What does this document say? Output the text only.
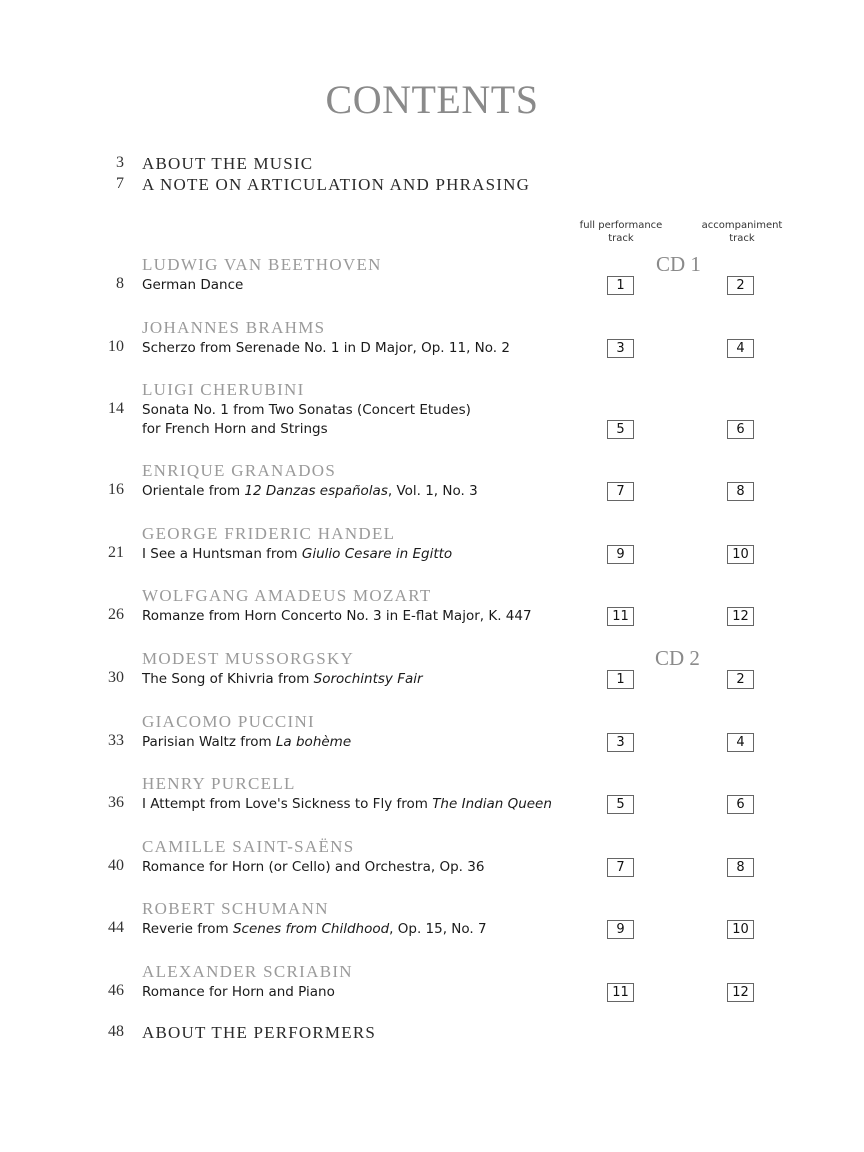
CONTENTS
3 ABOUT THE MUSIC
7 A NOTE ON ARTICULATION AND PHRASING
full performance
track
accompaniment
track
CD 1
CD 2
LUDWIG VAN BEETHOVEN
8 German Dance	1	2
JOHANNES BRAHMS
10 Scherzo from Serenade No. 1 in D Major, Op. 11, No. 2	3	4
LUIGI CHERUBINI
14 Sonata No. 1 from Two Sonatas (Concert Etudes)
for French Horn and Strings	5	6
ENRIQUE GRANADOS
16 Orientale from 12 Danzas españolas, Vol. 1, No. 3	7	8
GEORGE FRIDERIC HANDEL
21 I See a Huntsman from Giulio Cesare in Egitto	9	10
WOLFGANG AMADEUS MOZART
26 Romanze from Horn Concerto No. 3 in E-flat Major, K. 447	11	12
MODEST MUSSORGSKY
30 The Song of Khivria from Sorochintsy Fair	1	2
GIACOMO PUCCINI
33 Parisian Waltz from La bohème	3	4
HENRY PURCELL
36 I Attempt from Love's Sickness to Fly from The Indian Queen	5	6
CAMILLE SAINT-SAËNS
40 Romance for Horn (or Cello) and Orchestra, Op. 36	7	8
ROBERT SCHUMANN
44 Reverie from Scenes from Childhood, Op. 15, No. 7	9	10
ALEXANDER SCRIABIN
46 Romance for Horn and Piano	11	12
48 ABOUT THE PERFORMERS
